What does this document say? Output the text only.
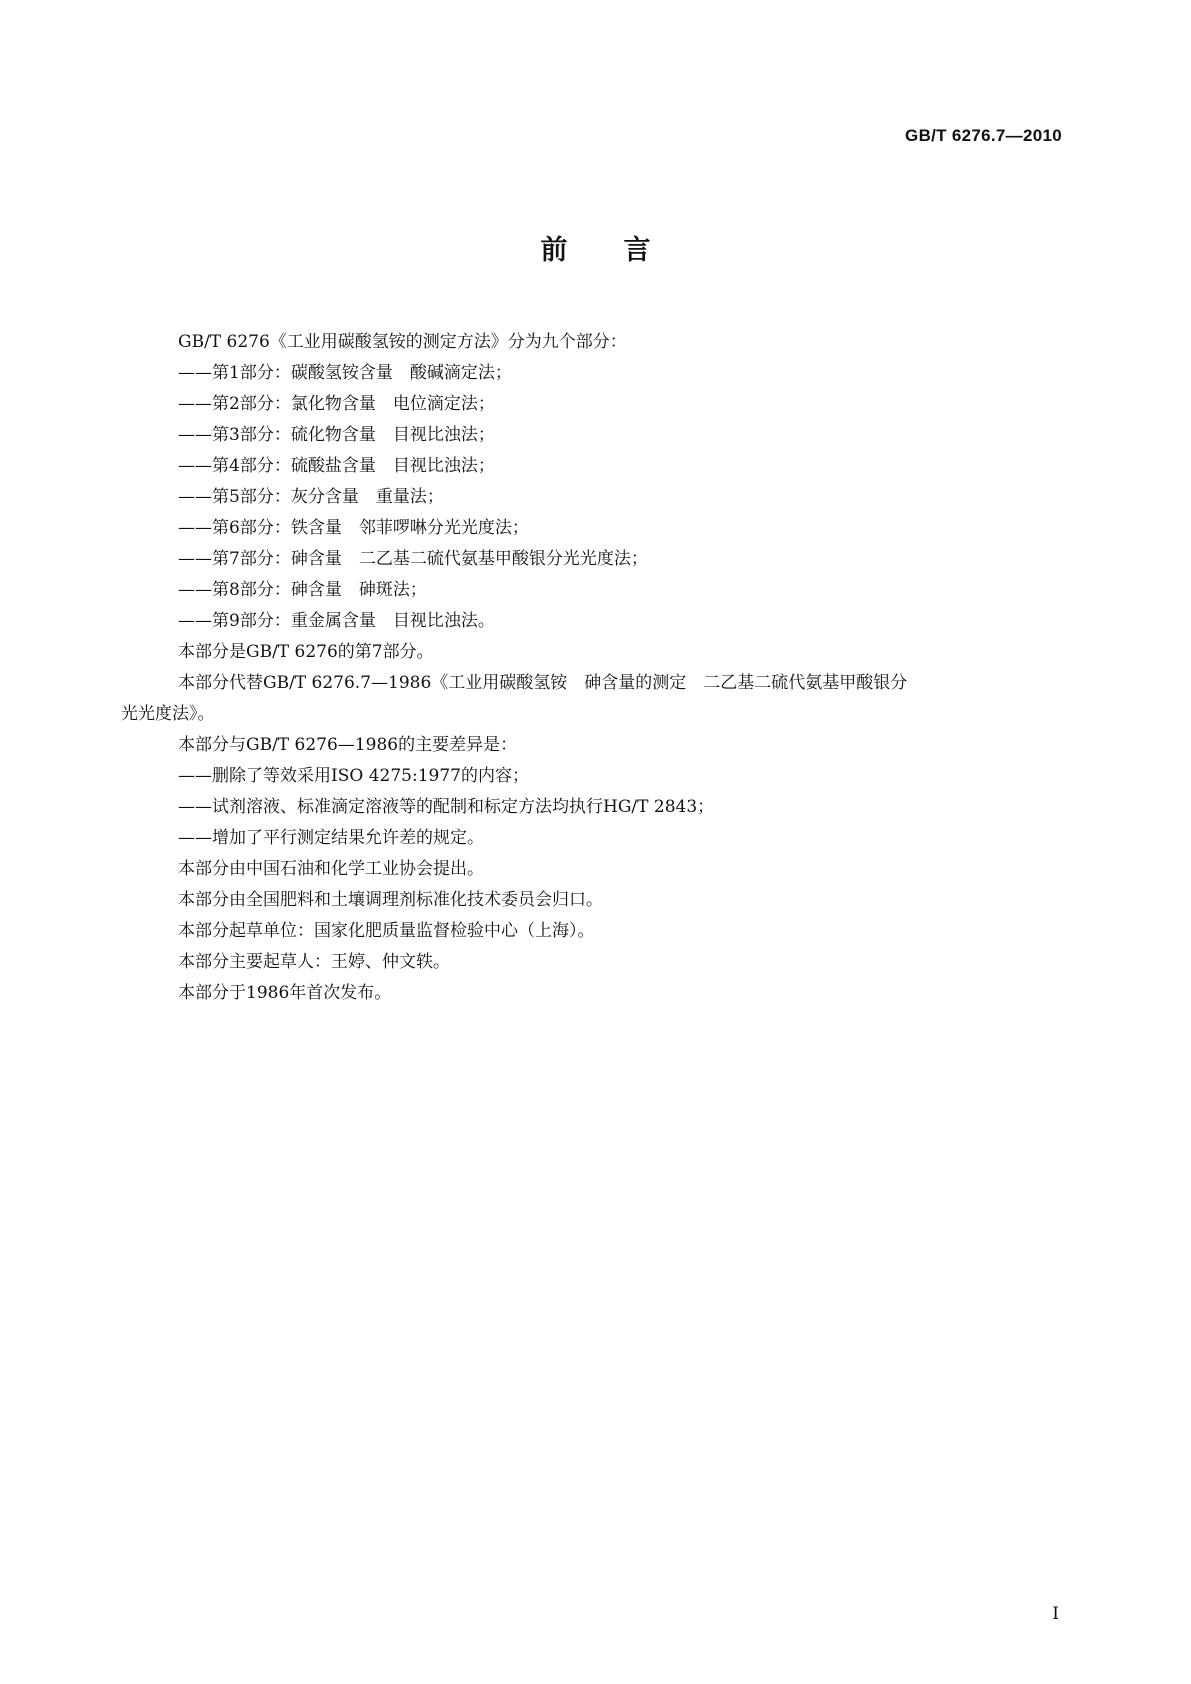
GB/T 6276.7—2010
前言
GB/T 6276《工业用碳酸氢铵的测定方法》分为九个部分：
——第1部分：碳酸氢铵含量　酸碱滴定法；
——第2部分：氯化物含量　电位滴定法；
——第3部分：硫化物含量　目视比浊法；
——第4部分：硫酸盐含量　目视比浊法；
——第5部分：灰分含量　重量法；
——第6部分：铁含量　邻菲啰啉分光光度法；
——第7部分：砷含量　二乙基二硫代氨基甲酸银分光光度法；
——第8部分：砷含量　砷斑法；
——第9部分：重金属含量　目视比浊法。
本部分是GB/T 6276的第7部分。
本部分代替GB/T 6276.7—1986《工业用碳酸氢铵　砷含量的测定　二乙基二硫代氨基甲酸银分
光光度法》。
本部分与GB/T 6276—1986的主要差异是：
——删除了等效采用ISO 4275:1977的内容；
——试剂溶液、标准滴定溶液等的配制和标定方法均执行HG/T 2843；
——增加了平行测定结果允许差的规定。
本部分由中国石油和化学工业协会提出。
本部分由全国肥料和土壤调理剂标准化技术委员会归口。
本部分起草单位：国家化肥质量监督检验中心（上海）。
本部分主要起草人：王婷、仲文轶。
本部分于1986年首次发布。
I
